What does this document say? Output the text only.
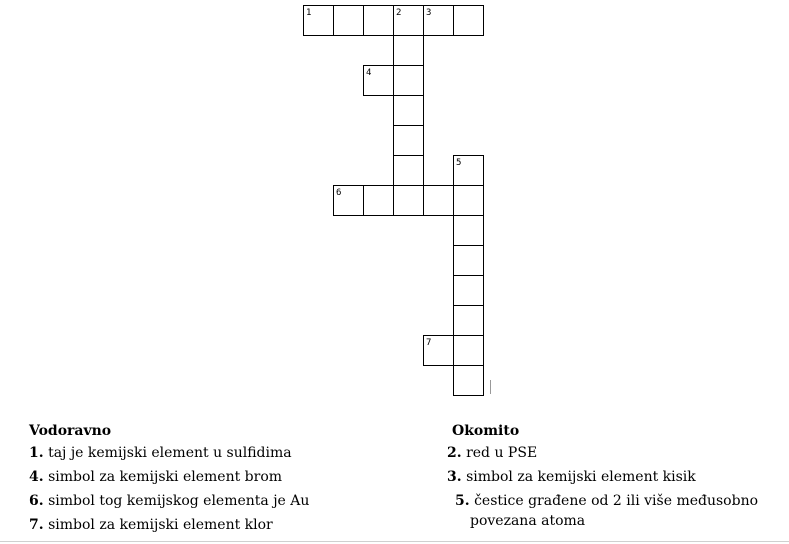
1	2	3
4
5
6
7
Vodoravno
1. taj je kemijski element u sulfidima
4. simbol za kemijski element brom
6. simbol tog kemijskog elementa je Au
7. simbol za kemijski element klor
Okomito
2. red u PSE
3. simbol za kemijski element kisik
5. čestice građene od 2 ili više međusobno
povezana atoma
